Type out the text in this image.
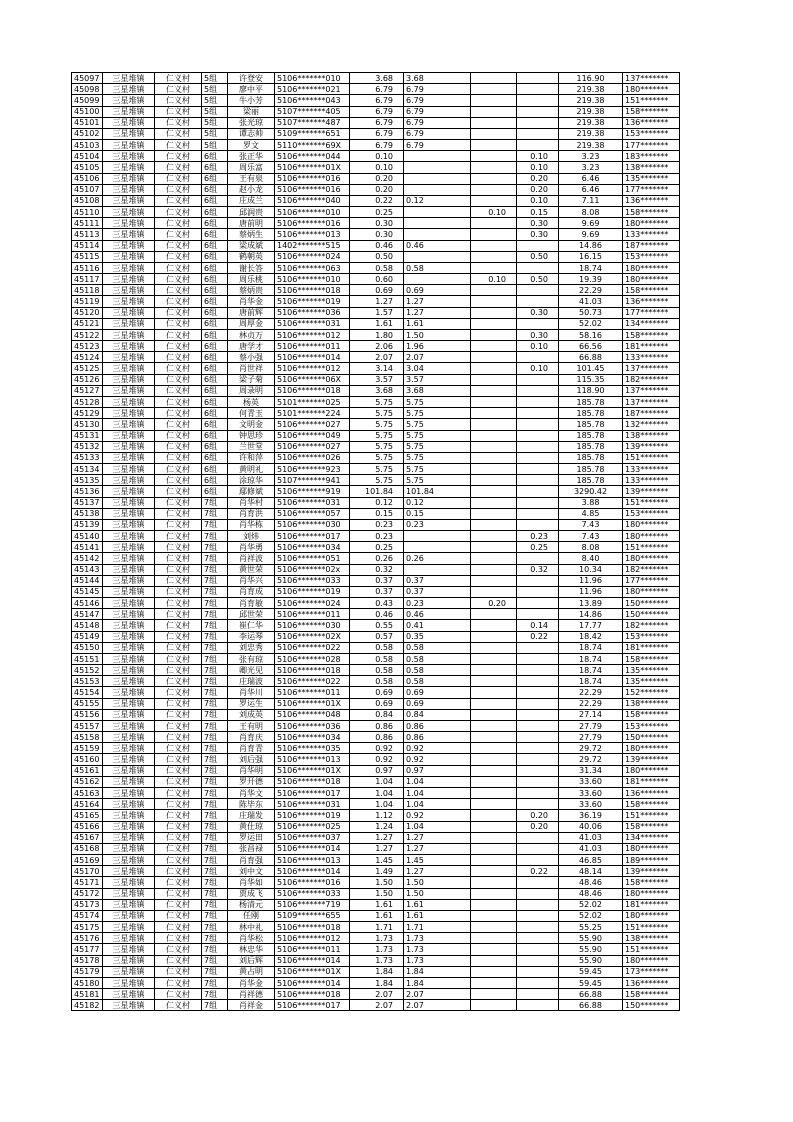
45097	三星堆镇	仁义村	5组	许登安	5106*******010	3.68	3.68			116.90	137*******
45098	三星堆镇	仁义村	5组	廖中平	5106*******021	6.79	6.79			219.38	180*******
45099	三星堆镇	仁义村	5组	牛小芳	5106*******043	6.79	6.79			219.38	151*******
45100	三星堆镇	仁义村	5组	梁丽	5107*******405	6.79	6.79			219.38	158*******
45101	三星堆镇	仁义村	5组	张光琼	5107*******487	6.79	6.79			219.38	136*******
45102	三星堆镇	仁义村	5组	谭志帅	5109*******651	6.79	6.79			219.38	153*******
45103	三星堆镇	仁义村	5组	罗文	5110*******69X	6.79	6.79			219.38	177*******
45104	三星堆镇	仁义村	6组	张正华	5106*******044	0.10			0.10	3.23	183*******
45105	三星堆镇	仁义村	6组	周乐富	5106*******01X	0.10			0.10	3.23	138*******
45106	三星堆镇	仁义村	6组	王有泉	5106*******016	0.20			0.20	6.46	135*******
45107	三星堆镇	仁义村	6组	赵小龙	5106*******016	0.20			0.20	6.46	177*******
45108	三星堆镇	仁义村	6组	庄成兰	5106*******040	0.22	0.12		0.10	7.11	136*******
45110	三星堆镇	仁义村	6组	邱润贵	5106*******010	0.25		0.10	0.15	8.08	158*******
45111	三星堆镇	仁义村	6组	唐前明	5106*******016	0.30			0.30	9.69	180*******
45113	三星堆镇	仁义村	6组	蔡炳生	5106*******013	0.30			0.30	9.69	133*******
45114	三星堆镇	仁义村	6组	梁成斌	1402*******515	0.46	0.46			14.86	187*******
45115	三星堆镇	仁义村	6组	鹤朝英	5106*******024	0.50			0.50	16.15	153*******
45116	三星堆镇	仁义村	6组	谢长答	5106*******063	0.58	0.58			18.74	180*******
45117	三星堆镇	仁义村	6组	周乐桃	5106*******010	0.60		0.10	0.50	19.39	180*******
45118	三星堆镇	仁义村	6组	蔡炳贵	5106*******018	0.69	0.69			22.29	158*******
45119	三星堆镇	仁义村	6组	肖华金	5106*******019	1.27	1.27			41.03	136*******
45120	三星堆镇	仁义村	6组	唐前辉	5106*******036	1.57	1.27		0.30	50.73	177*******
45121	三星堆镇	仁义村	6组	周厚金	5106*******031	1.61	1.61			52.02	134*******
45122	三星堆镇	仁义村	6组	林贞万	5106*******012	1.80	1.50		0.30	58.16	158*******
45123	三星堆镇	仁义村	6组	唐学才	5106*******011	2.06	1.96		0.10	66.56	181*******
45124	三星堆镇	仁义村	6组	蔡小强	5106*******014	2.07	2.07			66.88	133*******
45125	三星堆镇	仁义村	6组	肖世祥	5106*******012	3.14	3.04		0.10	101.45	137*******
45126	三星堆镇	仁义村	6组	梁子菊	5106*******06X	3.57	3.57			115.35	182*******
45127	三星堆镇	仁义村	6组	周录明	5106*******018	3.68	3.68			118.90	137*******
45128	三星堆镇	仁义村	6组	杨英	5101*******025	5.75	5.75			185.78	137*******
45129	三星堆镇	仁义村	6组	何青玉	5101*******224	5.75	5.75			185.78	187*******
45130	三星堆镇	仁义村	6组	文明金	5106*******027	5.75	5.75			185.78	132*******
45131	三星堆镇	仁义村	6组	钟思珍	5106*******049	5.75	5.75			185.78	138*******
45132	三星堆镇	仁义村	6组	兰世堂	5106*******027	5.75	5.75			185.78	139*******
45133	三星堆镇	仁义村	6组	许和萍	5106*******026	5.75	5.75			185.78	151*******
45134	三星堆镇	仁义村	6组	黄明礼	5106*******923	5.75	5.75			185.78	133*******
45135	三星堆镇	仁义村	6组	涂琼华	5107*******941	5.75	5.75			185.78	133*******
45136	三星堆镇	仁义村	6组	鄢修斌	5106*******919	101.84	101.84			3290.42	139*******
45137	三星堆镇	仁义村	7组	肖华村	5106*******031	0.12	0.12			3.88	151*******
45138	三星堆镇	仁义村	7组	肖育洪	5106*******057	0.15	0.15			4.85	153*******
45139	三星堆镇	仁义村	7组	肖华栋	5106*******030	0.23	0.23			7.43	180*******
45140	三星堆镇	仁义村	7组	刘炜	5106*******017	0.23			0.23	7.43	180*******
45141	三星堆镇	仁义村	7组	肖华勇	5106*******034	0.25			0.25	8.08	151*******
45142	三星堆镇	仁义村	7组	肖祥波	5106*******051	0.26	0.26			8.40	180*******
45143	三星堆镇	仁义村	7组	黄世荣	5106*******02x	0.32			0.32	10.34	182*******
45144	三星堆镇	仁义村	7组	肖华兴	5106*******033	0.37	0.37			11.96	177*******
45145	三星堆镇	仁义村	7组	肖育成	5106*******019	0.37	0.37			11.96	180*******
45146	三星堆镇	仁义村	7组	肖育敏	5106*******024	0.43	0.23	0.20		13.89	150*******
45147	三星堆镇	仁义村	7组	邱世荣	5106*******011	0.46	0.46			14.86	150*******
45148	三星堆镇	仁义村	7组	崔仁华	5106*******030	0.55	0.41		0.14	17.77	182*******
45149	三星堆镇	仁义村	7组	李运琴	5106*******02X	0.57	0.35		0.22	18.42	153*******
45150	三星堆镇	仁义村	7组	刘忠秀	5106*******022	0.58	0.58			18.74	181*******
45151	三星堆镇	仁义村	7组	张有琼	5106*******028	0.58	0.58			18.74	158*******
45152	三星堆镇	仁义村	7组	卿光见	5106*******018	0.58	0.58			18.74	135*******
45153	三星堆镇	仁义村	7组	庄瑞波	5106*******022	0.58	0.58			18.74	135*******
45154	三星堆镇	仁义村	7组	肖华川	5106*******011	0.69	0.69			22.29	152*******
45155	三星堆镇	仁义村	7组	罗运生	5106*******01X	0.69	0.69			22.29	138*******
45156	三星堆镇	仁义村	7组	刘成英	5106*******048	0.84	0.84			27.14	158*******
45157	三星堆镇	仁义村	7组	王有明	5106*******036	0.86	0.86			27.79	153*******
45158	三星堆镇	仁义村	7组	肖育庆	5106*******034	0.86	0.86			27.79	150*******
45159	三星堆镇	仁义村	7组	肖育青	5106*******035	0.92	0.92			29.72	180*******
45160	三星堆镇	仁义村	7组	刘后强	5106*******013	0.92	0.92			29.72	139*******
45161	三星堆镇	仁义村	7组	肖华明	5106*******01X	0.97	0.97			31.34	180*******
45162	三星堆镇	仁义村	7组	罗开德	5106*******018	1.04	1.04			33.60	181*******
45163	三星堆镇	仁义村	7组	肖华文	5106*******017	1.04	1.04			33.60	136*******
45164	三星堆镇	仁义村	7组	陈毕东	5106*******031	1.04	1.04			33.60	158*******
45165	三星堆镇	仁义村	7组	庄瑞发	5106*******019	1.12	0.92		0.20	36.19	151*******
45166	三星堆镇	仁义村	7组	黄仕琼	5106*******025	1.24	1.04		0.20	40.06	158*******
45167	三星堆镇	仁义村	7组	罗运田	5106*******037	1.27	1.27			41.03	134*******
45168	三星堆镇	仁义村	7组	张昌禄	5106*******014	1.27	1.27			41.03	180*******
45169	三星堆镇	仁义村	7组	肖育强	5106*******013	1.45	1.45			46.85	189*******
45170	三星堆镇	仁义村	7组	刘中文	5106*******014	1.49	1.27		0.22	48.14	139*******
45171	三星堆镇	仁义村	7组	肖华如	5106*******016	1.50	1.50			48.46	158*******
45172	三星堆镇	仁义村	7组	贾成飞	5106*******033	1.50	1.50			48.46	180*******
45173	三星堆镇	仁义村	7组	杨清元	5106*******719	1.61	1.61			52.02	181*******
45174	三星堆镇	仁义村	7组	任刚	5109*******655	1.61	1.61			52.02	180*******
45175	三星堆镇	仁义村	7组	林中礼	5106*******018	1.71	1.71			55.25	151*******
45176	三星堆镇	仁义村	7组	肖华松	5106*******012	1.73	1.73			55.90	138*******
45177	三星堆镇	仁义村	7组	林忠华	5106*******011	1.73	1.73			55.90	151*******
45178	三星堆镇	仁义村	7组	刘后辉	5106*******014	1.73	1.73			55.90	180*******
45179	三星堆镇	仁义村	7组	黄占明	5106*******01X	1.84	1.84			59.45	173*******
45180	三星堆镇	仁义村	7组	肖华金	5106*******014	1.84	1.84			59.45	136*******
45181	三星堆镇	仁义村	7组	肖祥德	5106*******018	2.07	2.07			66.88	158*******
45182	三星堆镇	仁义村	7组	肖祥金	5106*******017	2.07	2.07			66.88	150*******
